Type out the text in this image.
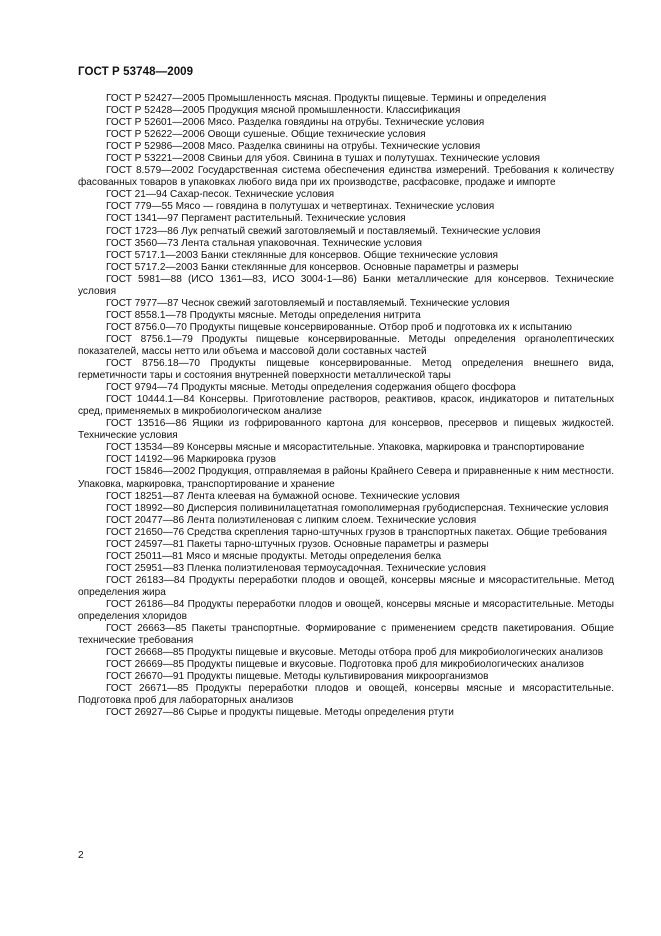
ГОСТ Р 53748—2009

ГОСТ Р 52427—2005 Промышленность мясная. Продукты пищевые. Термины и определения

ГОСТ Р 52428—2005 Продукция мясной промышленности. Классификация

ГОСТ Р 52601—2006 Мясо. Разделка говядины на отрубы. Технические условия

ГОСТ Р 52622—2006 Овощи сушеные. Общие технические условия

ГОСТ Р 52986—2008 Мясо. Разделка свинины на отрубы. Технические условия

ГОСТ Р 53221—2008 Свиньи для убоя. Свинина в тушах и полутушах. Технические условия

ГОСТ 8.579—2002 Государственная система обеспечения единства измерений. Требования к количеству фасованных товаров в упаковках любого вида при их производстве, расфасовке, продаже и импорте

ГОСТ 21—94 Сахар-песок. Технические условия

ГОСТ 779—55 Мясо — говядина в полутушах и четвертинах. Технические условия

ГОСТ 1341—97 Пергамент растительный. Технические условия

ГОСТ 1723—86 Лук репчатый свежий заготовляемый и поставляемый. Технические условия

ГОСТ 3560—73 Лента стальная упаковочная. Технические условия

ГОСТ 5717.1—2003 Банки стеклянные для консервов. Общие технические условия

ГОСТ 5717.2—2003 Банки стеклянные для консервов. Основные параметры и размеры

ГОСТ 5981—88 (ИСО 1361—83, ИСО 3004-1—86) Банки металлические для консервов. Технические условия

ГОСТ 7977—87 Чеснок свежий заготовляемый и поставляемый. Технические условия

ГОСТ 8558.1—78 Продукты мясные. Методы определения нитрита

ГОСТ 8756.0—70 Продукты пищевые консервированные. Отбор проб и подготовка их к испытанию

ГОСТ 8756.1—79 Продукты пищевые консервированные. Методы определения органолептических показателей, массы нетто или объема и массовой доли составных частей

ГОСТ 8756.18—70 Продукты пищевые консервированные. Метод определения внешнего вида, герметичности тары и состояния внутренней поверхности металлической тары

ГОСТ 9794—74 Продукты мясные. Методы определения содержания общего фосфора

ГОСТ 10444.1—84 Консервы. Приготовление растворов, реактивов, красок, индикаторов и питательных сред, применяемых в микробиологическом анализе

ГОСТ 13516—86 Ящики из гофрированного картона для консервов, пресервов и пищевых жидкостей. Технические условия

ГОСТ 13534—89 Консервы мясные и мясорастительные. Упаковка, маркировка и транспортирование

ГОСТ 14192—96 Маркировка грузов

ГОСТ 15846—2002 Продукция, отправляемая в районы Крайнего Севера и приравненные к ним местности. Упаковка, маркировка, транспортирование и хранение

ГОСТ 18251—87 Лента клеевая на бумажной основе. Технические условия

ГОСТ 18992—80 Дисперсия поливинилацетатная гомополимерная грубодисперсная. Технические условия

ГОСТ 20477—86 Лента полиэтиленовая с липким слоем. Технические условия

ГОСТ 21650—76 Средства скрепления тарно-штучных грузов в транспортных пакетах. Общие требования

ГОСТ 24597—81 Пакеты тарно-штучных грузов. Основные параметры и размеры

ГОСТ 25011—81 Мясо и мясные продукты. Методы определения белка

ГОСТ 25951—83 Пленка полиэтиленовая термоусадочная. Технические условия

ГОСТ 26183—84 Продукты переработки плодов и овощей, консервы мясные и мясорастительные. Метод определения жира

ГОСТ 26186—84 Продукты переработки плодов и овощей, консервы мясные и мясорастительные. Методы определения хлоридов

ГОСТ 26663—85 Пакеты транспортные. Формирование с применением средств пакетирования. Общие технические требования

ГОСТ 26668—85 Продукты пищевые и вкусовые. Методы отбора проб для микробиологических анализов

ГОСТ 26669—85 Продукты пищевые и вкусовые. Подготовка проб для микробиологических анализов

ГОСТ 26670—91 Продукты пищевые. Методы культивирования микроорганизмов

ГОСТ 26671—85 Продукты переработки плодов и овощей, консервы мясные и мясорастительные. Подготовка проб для лабораторных анализов

ГОСТ 26927—86 Сырье и продукты пищевые. Методы определения ртути

2
